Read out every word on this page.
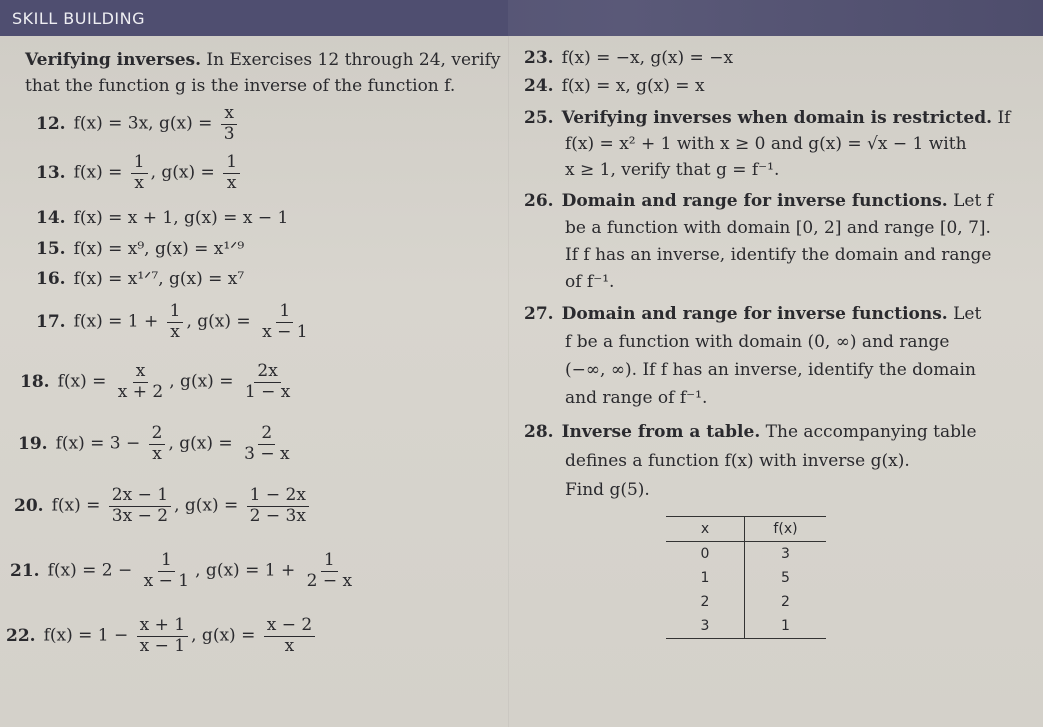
SKILL BUILDING
Verifying inverses. In Exercises 12 through 24, verify
that the function g is the inverse of the function f.
12. f(x) = 3x, $g(x) = \frac{x}{3}$
13. $f(x) = \frac{1}{x}$ , $g(x) = \frac{1}{x}$
14. f(x) = x + 1, g(x) = x − 1
15. f(x) = x⁹, g(x) = x¹ᐟ⁹
16. f(x) = x¹ᐟ⁷, g(x) = x⁷
17. $f(x) = 1 + \frac{1}{x}$ , $g(x) = \frac{1}{x - 1}$
18. $f(x) = \frac{x}{x + 2}$ , $g(x) = \frac{2x}{1 - x}$
19. $f(x) = 3 - \frac{2}{x}$ , $g(x) = \frac{2}{3 - x}$
20. $f(x) = \frac{2x - 1}{3x - 2}$ , $g(x) = \frac{1 - 2x}{2 - 3x}$
21. $f(x) = 2 - \frac{1}{x - 1}$ , $g(x) = 1 + \frac{1}{2 - x}$
22. $f(x) = 1 - \frac{x + 1}{x - 1}$ , $g(x) = \frac{x - 2}{x}$
23. f(x) = −x, g(x) = −x
24. f(x) = x, g(x) = x
25. Verifying inverses when domain is restricted. If
f(x) = x² + 1 with x ≥ 0 and g(x) = √x − 1 with
x ≥ 1, verify that g = f⁻¹.
26. Domain and range for inverse functions. Let f
be a function with domain [0, 2] and range [0, 7].
If f has an inverse, identify the domain and range
of f⁻¹.
27. Domain and range for inverse functions. Let
f be a function with domain (0, ∞) and range
(−∞, ∞). If f has an inverse, identify the domain
and range of f⁻¹.
28. Inverse from a table. The accompanying table
defines a function f(x) with inverse g(x).
Find g(5).
x	f(x)
0	3
1	5
2	2
3	1
